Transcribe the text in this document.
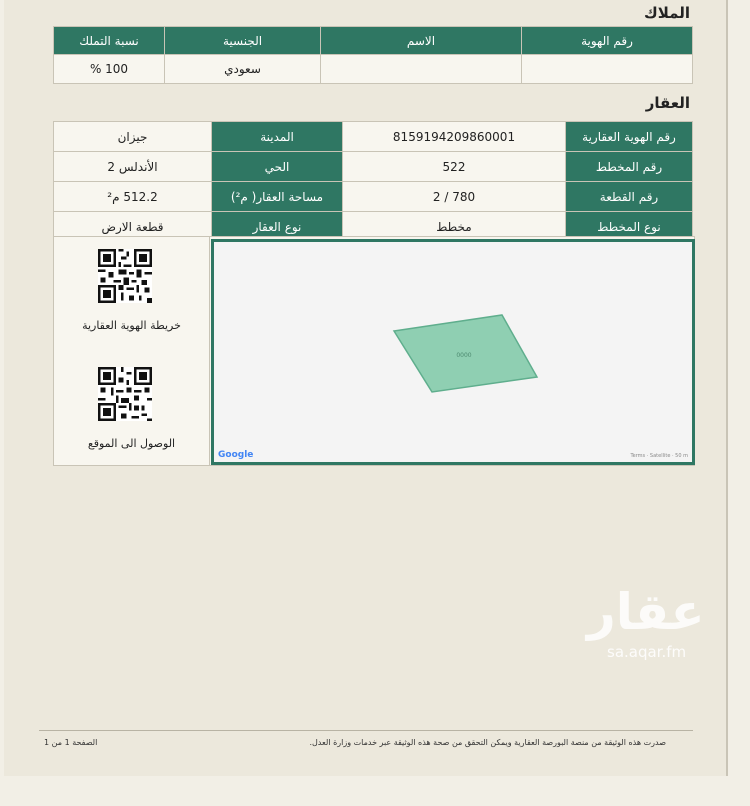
الملاك
رقم الهوية	الاسم	الجنسية	نسبة التملك
		سعودي	100 %
العقار
رقم الهوية العقارية	8159194209860001	المدينة	جيزان
رقم المخطط	522	الحي	الأندلس 2
رقم القطعة	780 / 2	مساحة العقار( م²)	512.2 م²
نوع المخطط	مخطط	نوع العقار	قطعة الارض
خريطة الهوية العقارية
الوصول الى الموقع
0000
Google	Terms · Satellite · 50 m
عقار
sa.aqar.fm
صدرت هذه الوثيقة من منصة البورصة العقارية ويمكن التحقق من صحة هذه الوثيقة عبر خدمات وزارة العدل.
الصفحة 1 من 1
